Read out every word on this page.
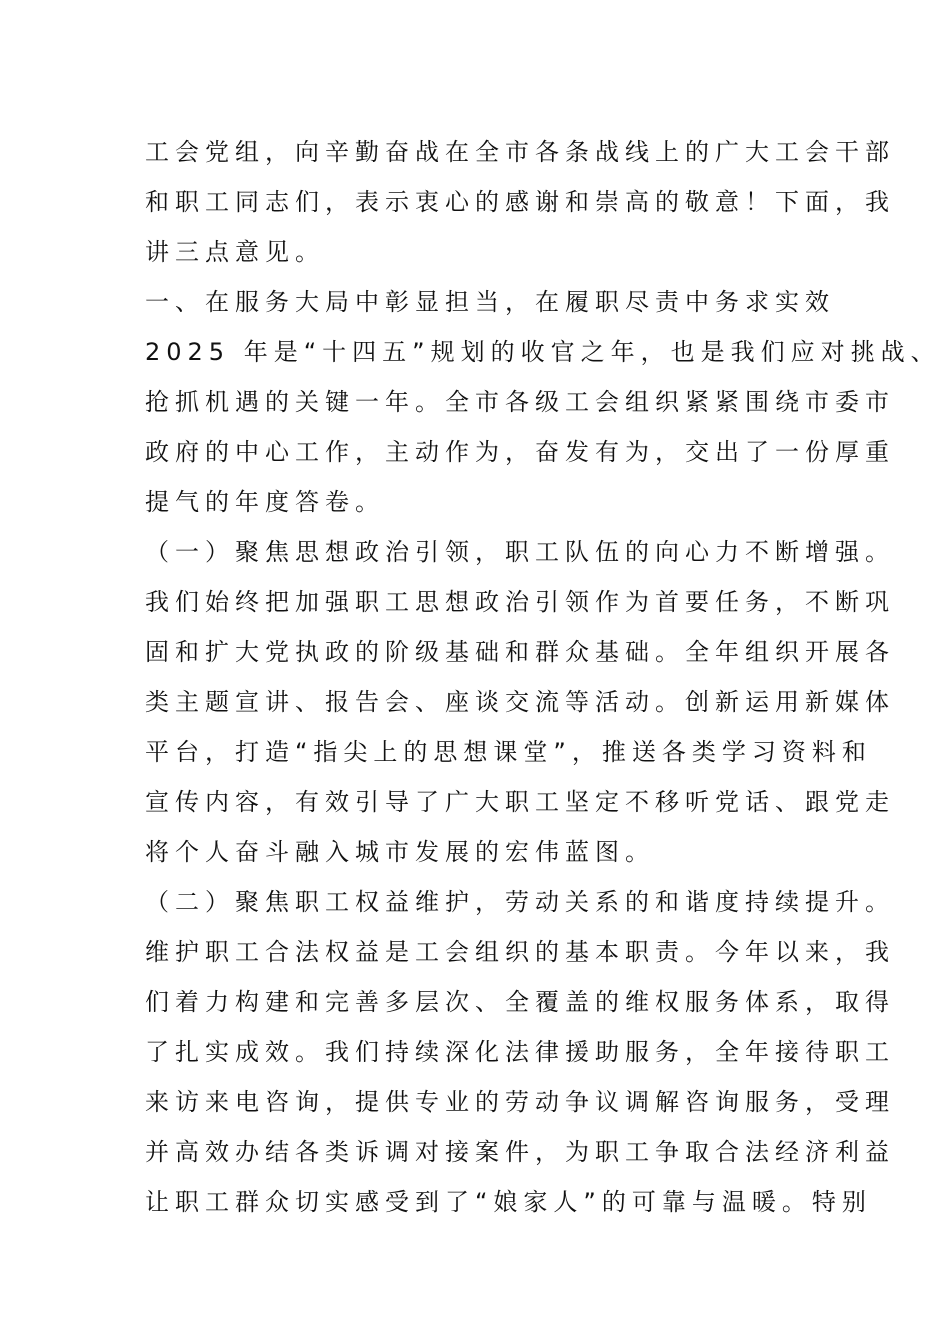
工会党组，向辛勤奋战在全市各条战线上的广大工会干部
和职工同志们，表示衷心的感谢和崇高的敬意！下面，我
讲三点意见。
一、在服务大局中彰显担当，在履职尽责中务求实效
2025 年是“十四五”规划的收官之年，也是我们应对挑战、
抢抓机遇的关键一年。全市各级工会组织紧紧围绕市委市
政府的中心工作，主动作为，奋发有为，交出了一份厚重
提气的年度答卷。
（一）聚焦思想政治引领，职工队伍的向心力不断增强。
我们始终把加强职工思想政治引领作为首要任务，不断巩
固和扩大党执政的阶级基础和群众基础。全年组织开展各
类主题宣讲、报告会、座谈交流等活动。创新运用新媒体
平台，打造“指尖上的思想课堂”，推送各类学习资料和
宣传内容，有效引导了广大职工坚定不移听党话、跟党走
将个人奋斗融入城市发展的宏伟蓝图。
（二）聚焦职工权益维护，劳动关系的和谐度持续提升。
维护职工合法权益是工会组织的基本职责。今年以来，我
们着力构建和完善多层次、全覆盖的维权服务体系，取得
了扎实成效。我们持续深化法律援助服务，全年接待职工
来访来电咨询，提供专业的劳动争议调解咨询服务，受理
并高效办结各类诉调对接案件，为职工争取合法经济利益
让职工群众切实感受到了“娘家人”的可靠与温暖。特别
